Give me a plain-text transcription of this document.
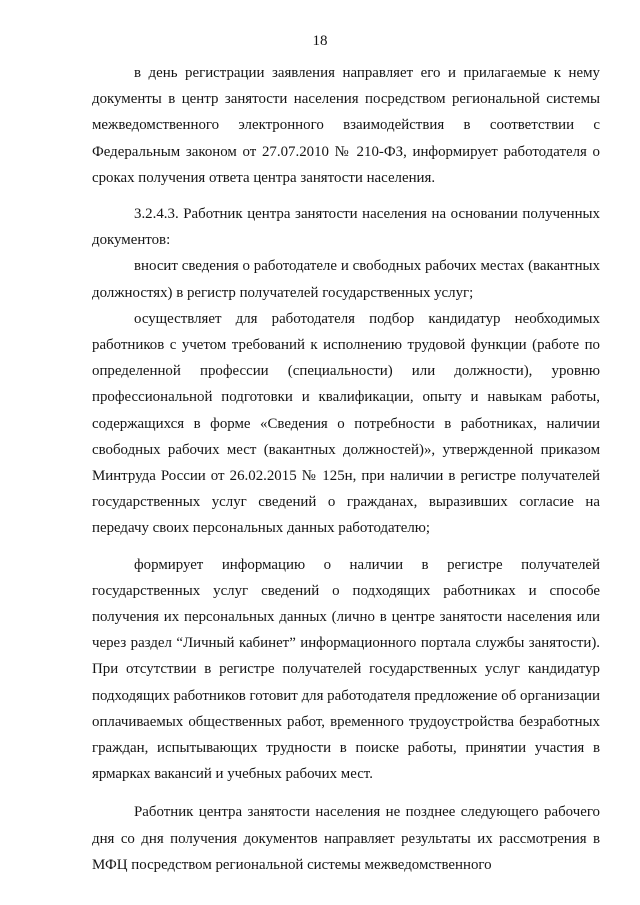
18

в день регистрации заявления направляет его и прилагаемые к нему документы в центр занятости населения посредством региональной системы межведомственного электронного взаимодействия в соответствии с Федеральным законом от 27.07.2010 № 210-ФЗ, информирует работодателя о сроках получения ответа центра занятости населения.

3.2.4.3. Работник центра занятости населения на основании полученных документов:

вносит сведения о работодателе и свободных рабочих местах (вакантных должностях) в регистр получателей государственных услуг;

осуществляет для работодателя подбор кандидатур необходимых работников с учетом требований к исполнению трудовой функции (работе по определенной профессии (специальности) или должности), уровню профессиональной подготовки и квалификации, опыту и навыкам работы, содержащихся в форме «Сведения о потребности в работниках, наличии свободных рабочих мест (вакантных должностей)», утвержденной приказом Минтруда России от 26.02.2015 № 125н, при наличии в регистре получателей государственных услуг сведений о гражданах, выразивших согласие на передачу своих персональных данных работодателю;

формирует информацию о наличии в регистре получателей государственных услуг сведений о подходящих работниках и способе получения их персональных данных (лично в центре занятости населения или через раздел “Личный кабинет” информационного портала службы занятости). При отсутствии в регистре получателей государственных услуг кандидатур подходящих работников готовит для работодателя предложение об организации оплачиваемых общественных работ, временного трудоустройства безработных граждан, испытывающих трудности в поиске работы, принятии участия в ярмарках вакансий и учебных рабочих мест.

Работник центра занятости населения не позднее следующего рабочего дня со дня получения документов направляет результаты их рассмотрения в МФЦ посредством региональной системы межведомственного
